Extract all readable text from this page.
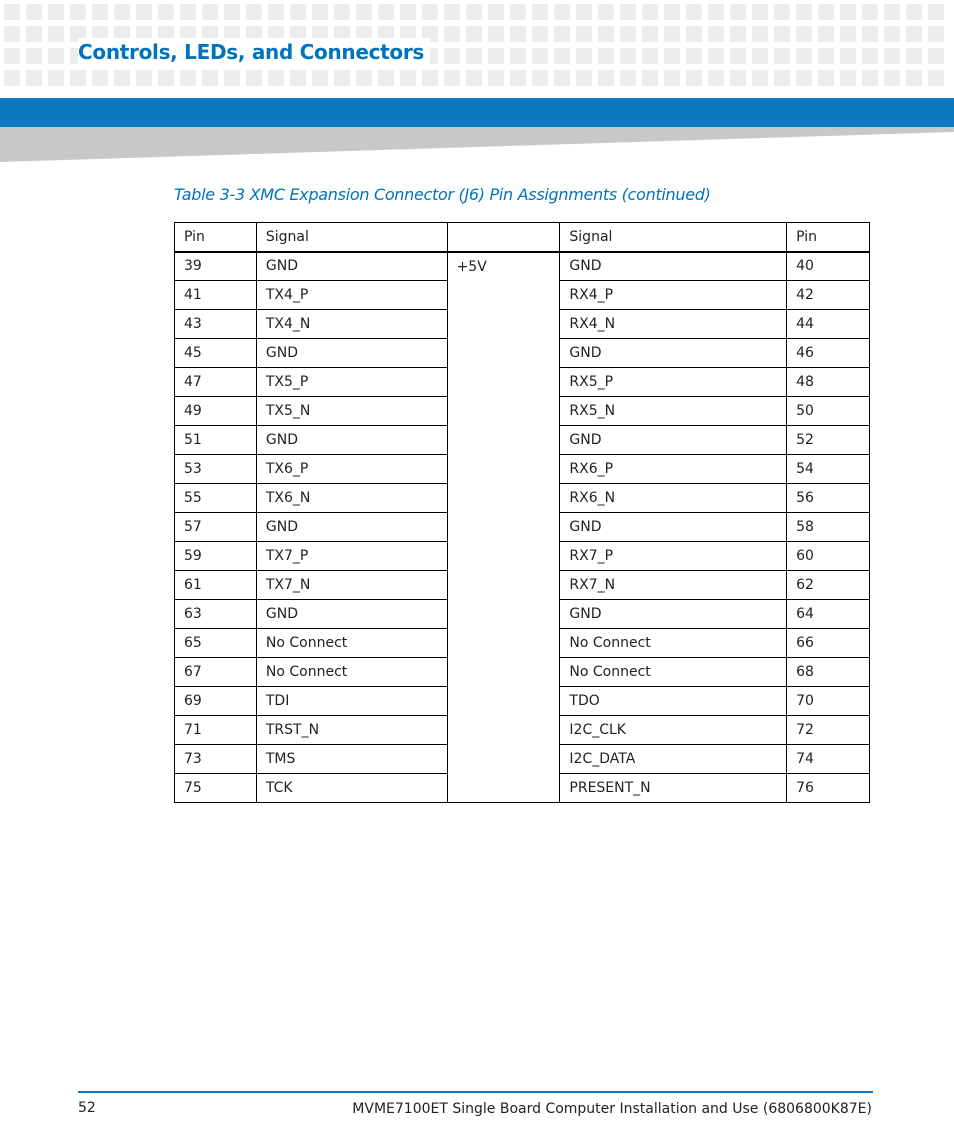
Controls, LEDs, and Connectors

Table 3-3 XMC Expansion Connector (J6) Pin Assignments (continued)

Pin	Signal		Signal	Pin
39	GND	+5V	GND	40
41	TX4_P		RX4_P	42
43	TX4_N		RX4_N	44
45	GND		GND	46
47	TX5_P		RX5_P	48
49	TX5_N		RX5_N	50
51	GND		GND	52
53	TX6_P		RX6_P	54
55	TX6_N		RX6_N	56
57	GND		GND	58
59	TX7_P		RX7_P	60
61	TX7_N		RX7_N	62
63	GND		GND	64
65	No Connect		No Connect	66
67	No Connect		No Connect	68
69	TDI		TDO	70
71	TRST_N		I2C_CLK	72
73	TMS		I2C_DATA	74
75	TCK		PRESENT_N	76
52	MVME7100ET Single Board Computer Installation and Use (6806800K87E)
